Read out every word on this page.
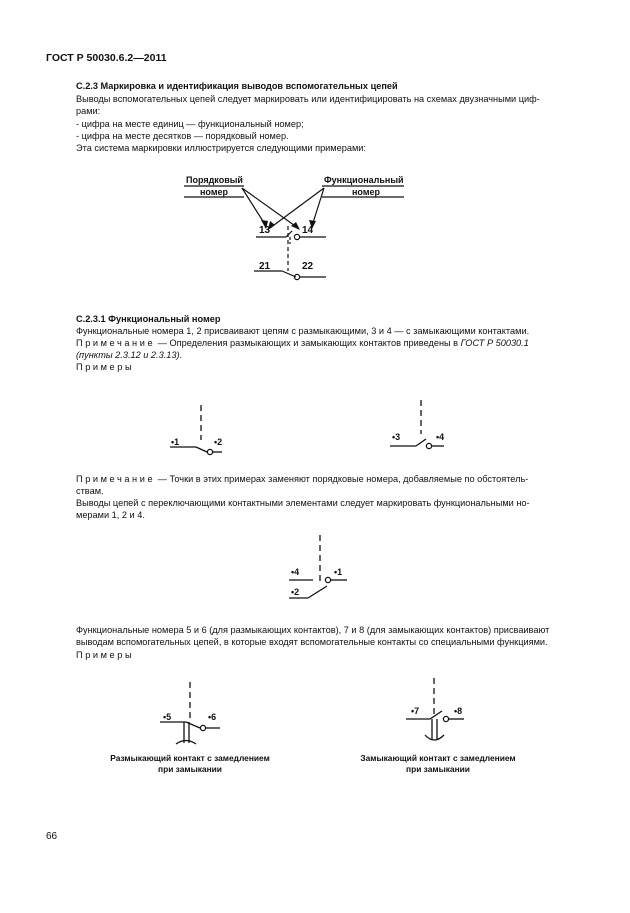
ГОСТ Р 50030.6.2—2011
С.2.3 Маркировка и идентификация выводов вспомогательных цепей
Выводы вспомогательных цепей следует маркировать или идентифицировать на схемах двузначными циф-
рами:
- цифра на месте единиц — функциональный номер;
- цифра на месте десятков — порядковый номер.
Эта система маркировки иллюстрируется следующими примерами:
Порядковый
номер
Функциональный
номер
13	14
21	22
С.2.3.1 Функциональный номер
Функциональные номера 1, 2 присваивают цепям с размыкающими, 3 и 4 — с замыкающими контактами.
Примечание — Определения размыкающих и замыкающих контактов приведены в ГОСТ Р 50030.1
(пункты 2.3.12 и 2.3.13).
Примеры
•1	•2	•3	•4
Примечание — Точки в этих примерах заменяют порядковые номера, добавляемые по обстоятель-
ствам.
Выводы цепей с переключающими контактными элементами следует маркировать функциональными но-
мерами 1, 2 и 4.
•4	•1
•2
Функциональные номера 5 и 6 (для размыкающих контактов), 7 и 8 (для замыкающих контактов) присваивают
выводам вспомогательных цепей, в которые входят вспомогательные контакты со специальными функциями.
Примеры
•5	•6
•7	•8
Размыкающий контакт с замедлением
при замыкании
Замыкающий контакт с замедлением
при замыкании
66
